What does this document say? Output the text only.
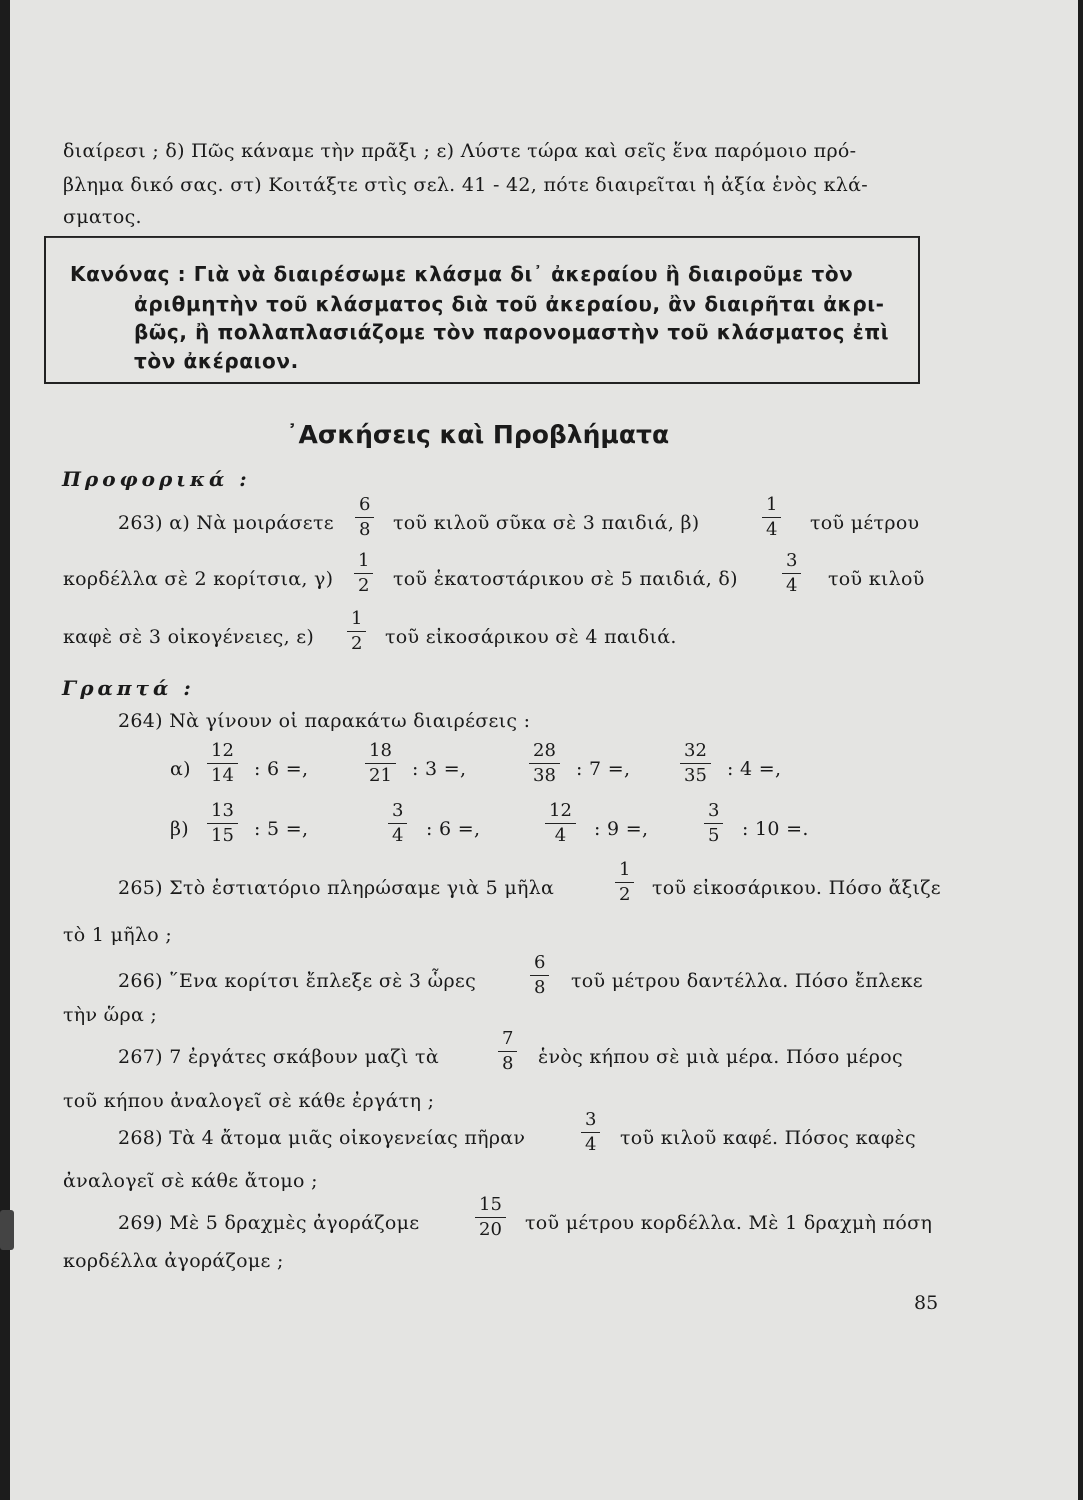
διαίρεσι ; δ) Πῶς κάναμε τὴν πρᾶξι ; ε) Λύστε τώρα καὶ σεῖς ἕνα παρόμοιο πρό-
βλημα δικό σας. στ) Κοιτάξτε στὶς σελ. 41 - 42, πότε διαιρεῖται ἡ ἀξία ἑνὸς κλά-
σματος.
Κανόνας : Γιὰ νὰ διαιρέσωμε κλάσμα δι᾿ ἀκεραίου ἢ διαιροῦμε τὸν
ἀριθμητὴν τοῦ κλάσματος διὰ τοῦ ἀκεραίου, ἂν διαιρῆται ἀκρι-
βῶς, ἢ πολλαπλασιάζομε τὸν παρονομαστὴν τοῦ κλάσματος ἐπὶ
τὸν ἀκέραιον.
᾿Ασκήσεις καὶ Προβλήματα
Προφορικά :
263) α) Νὰ μοιράσετε
6
8 τοῦ κιλοῦ σῦκα σὲ 3 παιδιά, β)
1
4 τοῦ μέτρου
κορδέλλα σὲ 2 κορίτσια, γ)
1
2 τοῦ ἑκατοστάρικου σὲ 5 παιδιά, δ)
3
4 τοῦ κιλοῦ
καφὲ σὲ 3 οἰκογένειες, ε)
1
2 τοῦ εἰκοσάρικου σὲ 4 παιδιά.
Γραπτά :
264) Νὰ γίνουν οἱ παρακάτω διαιρέσεις :
α)
12
14 : 6 =,
18
21 : 3 =,
28
38 : 7 =,
32
35 : 4 =,
β)
13
15 : 5 =,
3
4 : 6 =,
12
4 : 9 =,
3
5 : 10 =.
265) Στὸ ἑστιατόριο πληρώσαμε γιὰ 5 μῆλα
1
2 τοῦ εἰκοσάρικου. Πόσο ἄξιζε
τὸ 1 μῆλο ;
266) ῞Ενα κορίτσι ἔπλεξε σὲ 3 ὧρες
6
8 τοῦ μέτρου δαντέλλα. Πόσο ἔπλεκε
τὴν ὥρα ;
267) 7 ἐργάτες σκάβουν μαζὶ τὰ
7
8 ἑνὸς κήπου σὲ μιὰ μέρα. Πόσο μέρος
τοῦ κήπου ἀναλογεῖ σὲ κάθε ἐργάτη ;
268) Τὰ 4 ἄτομα μιᾶς οἰκογενείας πῆραν
3
4 τοῦ κιλοῦ καφέ. Πόσος καφὲς
ἀναλογεῖ σὲ κάθε ἄτομο ;
269) Μὲ 5 δραχμὲς ἀγοράζομε
15
20 τοῦ μέτρου κορδέλλα. Μὲ 1 δραχμὴ πόση
κορδέλλα ἀγοράζομε ;
85
